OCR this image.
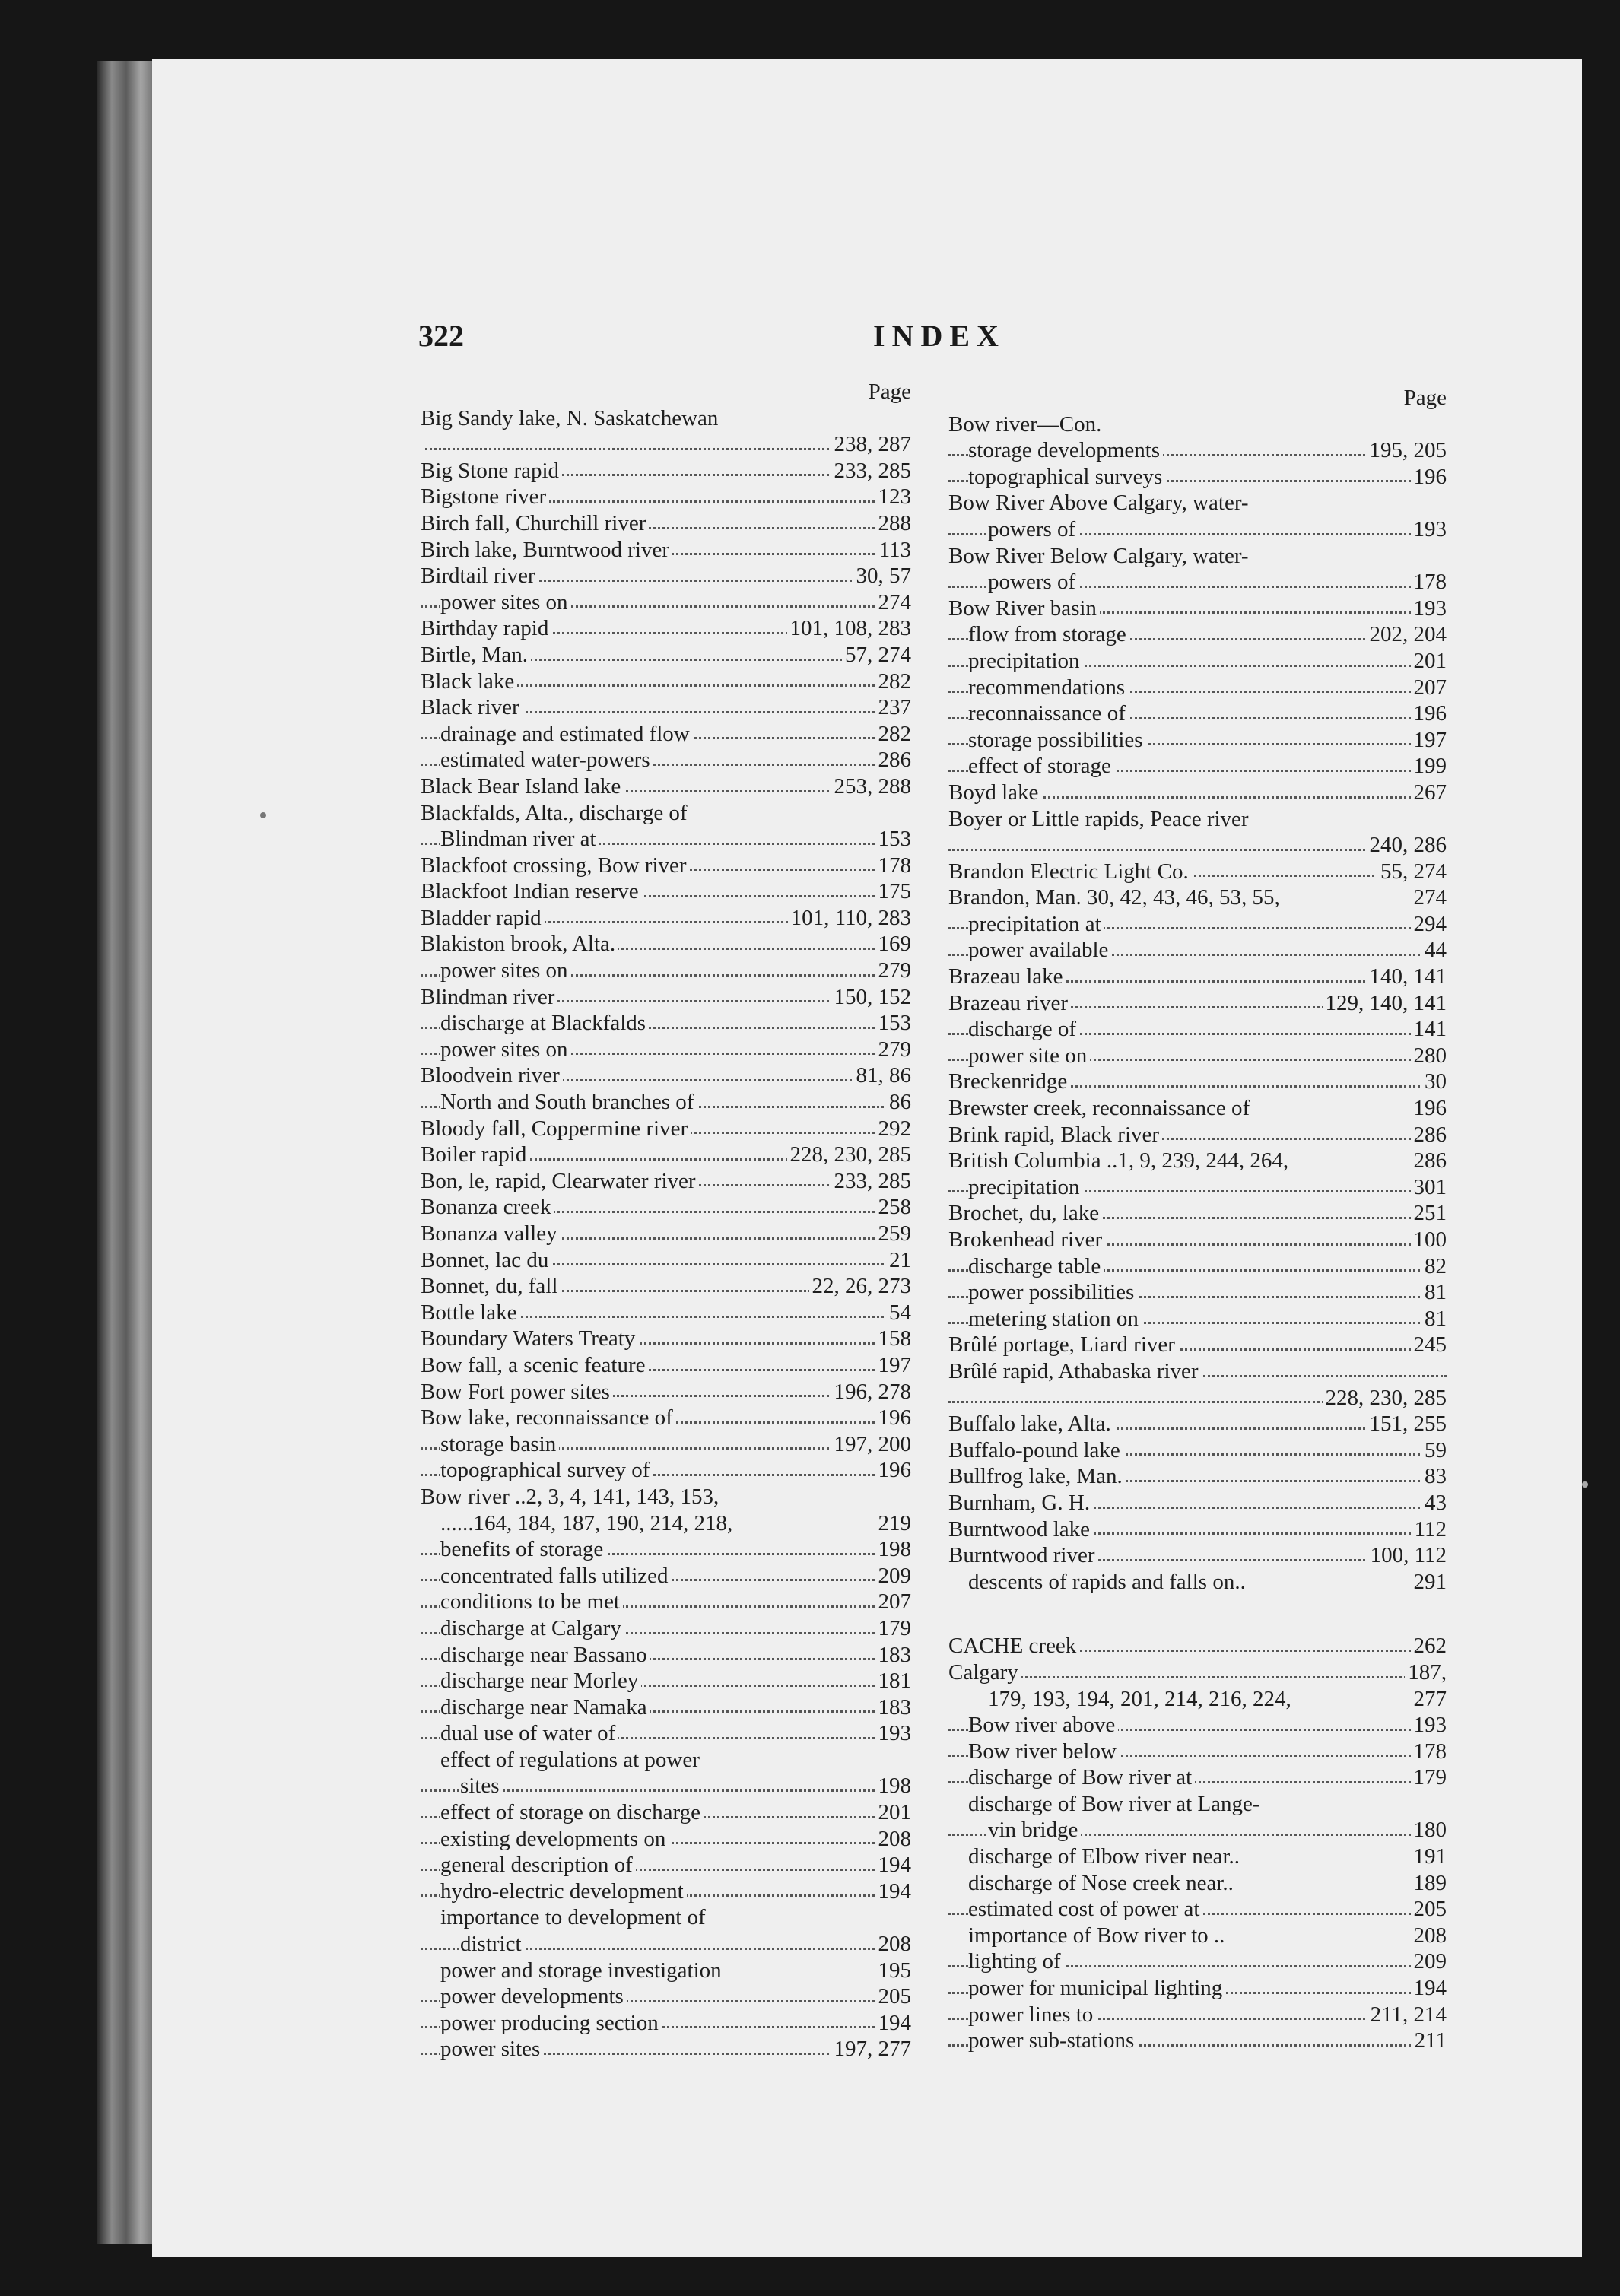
322	INDEX
Page
Big Sandy lake, N. Saskatchewan
238, 287
Big Stone rapid	233, 285
Bigstone river	123
Birch fall, Churchill river	288
Birch lake, Burntwood river	113
Birdtail river	30, 57
power sites on	274
Birthday rapid	101, 108, 283
Birtle, Man.	57, 274
Black lake	282
Black river	237
drainage and estimated flow	282
estimated water-powers	286
Black Bear Island lake	253, 288
Blackfalds, Alta., discharge of
Blindman river at	153
Blackfoot crossing, Bow river	178
Blackfoot Indian reserve	175
Bladder rapid	101, 110, 283
Blakiston brook, Alta.	169
power sites on	279
Blindman river	150, 152
discharge at Blackfalds	153
power sites on	279
Bloodvein river	81, 86
North and South branches of	86
Bloody fall, Coppermine river	292
Boiler rapid	228, 230, 285
Bon, le, rapid, Clearwater river	233, 285
Bonanza creek	258
Bonanza valley	259
Bonnet, lac du	21
Bonnet, du, fall	22, 26, 273
Bottle lake	54
Boundary Waters Treaty	158
Bow fall, a scenic feature	197
Bow Fort power sites	196, 278
Bow lake, reconnaissance of	196
storage basin	197, 200
topographical survey of	196
Bow river ..2, 3, 4, 141, 143, 153,
......164, 184, 187, 190, 214, 218,	219
benefits of storage	198
concentrated falls utilized	209
conditions to be met	207
discharge at Calgary	179
discharge near Bassano	183
discharge near Morley	181
discharge near Namaka	183
dual use of water of	193
effect of regulations at power
sites	198
effect of storage on discharge	201
existing developments on	208
general description of	194
hydro-electric development	194
importance to development of
district	208
power and storage investigation	195
power developments	205
power producing section	194
power sites	197, 277
Page
Bow river—Con.
storage developments	195, 205
topographical surveys	196
Bow River Above Calgary, water-
powers of	193
Bow River Below Calgary, water-
powers of	178
Bow River basin	193
flow from storage	202, 204
precipitation	201
recommendations	207
reconnaissance of	196
storage possibilities	197
effect of storage	199
Boyd lake	267
Boyer or Little rapids, Peace river
240, 286
Brandon Electric Light Co.	55, 274
Brandon, Man. 30, 42, 43, 46, 53, 55,	274
precipitation at	294
power available	44
Brazeau lake	140, 141
Brazeau river	129, 140, 141
discharge of	141
power site on	280
Breckenridge	30
Brewster creek, reconnaissance of	196
Brink rapid, Black river	286
British Columbia ..1, 9, 239, 244, 264,	286
precipitation	301
Brochet, du, lake	251
Brokenhead river	100
discharge table	82
power possibilities	81
metering station on	81
Brûlé portage, Liard river	245
Brûlé rapid, Athabaska river
228, 230, 285
Buffalo lake, Alta.	151, 255
Buffalo-pound lake	59
Bullfrog lake, Man.	83
Burnham, G. H.	43
Burntwood lake	112
Burntwood river	100, 112
descents of rapids and falls on..	291
CACHE creek	262
Calgary	187,
179, 193, 194, 201, 214, 216, 224,	277
Bow river above	193
Bow river below	178
discharge of Bow river at	179
discharge of Bow river at Lange-
vin bridge	180
discharge of Elbow river near..	191
discharge of Nose creek near..	189
estimated cost of power at	205
importance of Bow river to ..	208
lighting of	209
power for municipal lighting	194
power lines to	211, 214
power sub-stations	211
